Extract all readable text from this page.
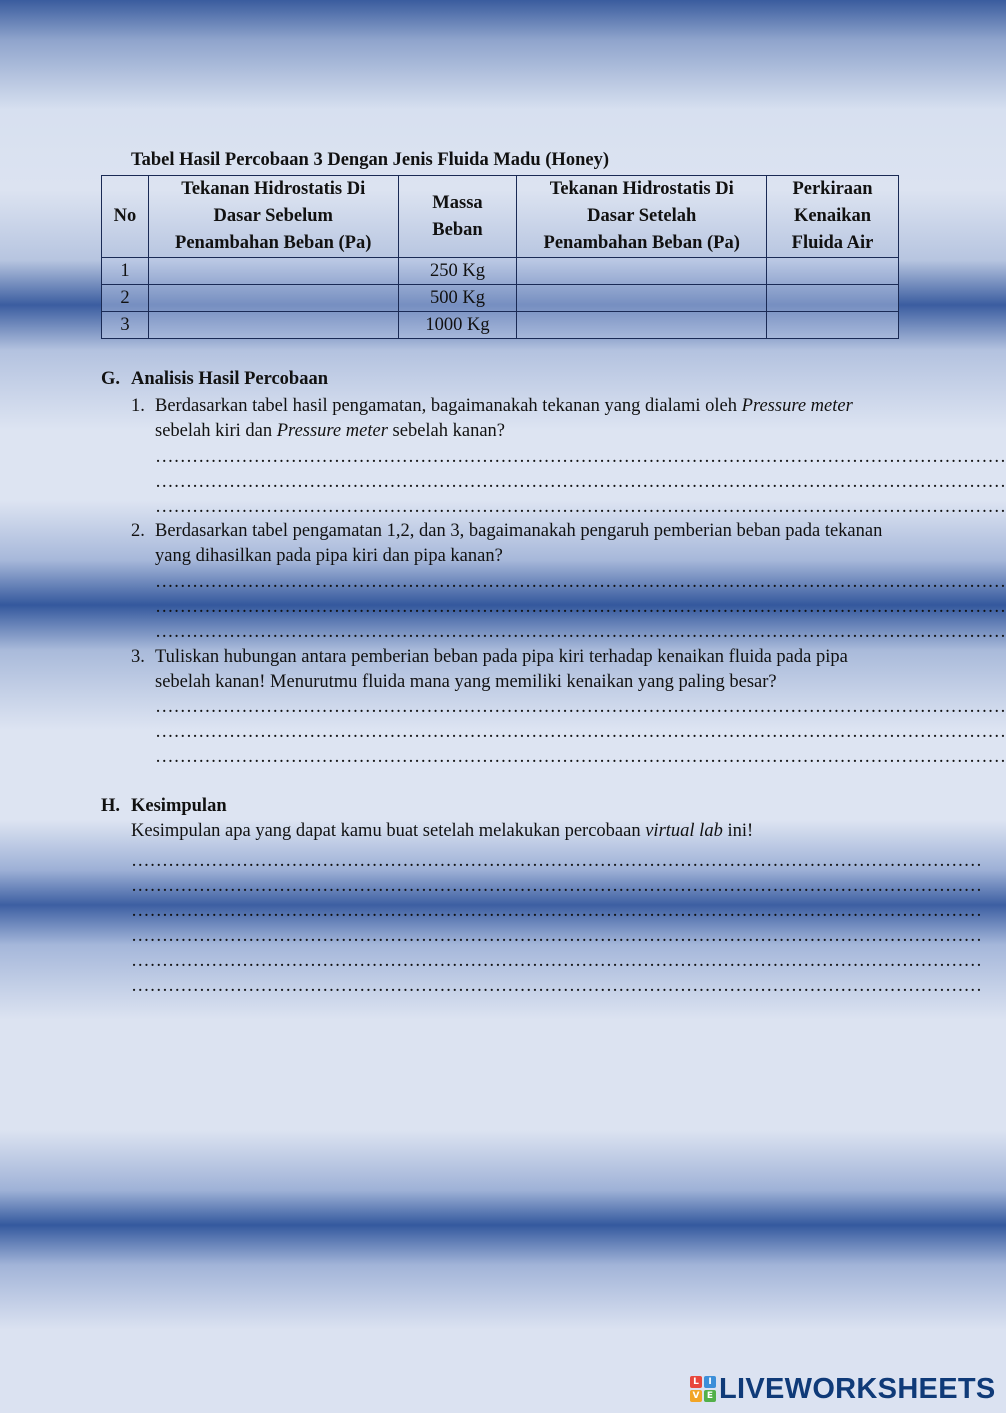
Tabel Hasil Percobaan 3 Dengan Jenis Fluida Madu (Honey)
No	Tekanan Hidrostatis Di Dasar Sebelum Penambahan Beban (Pa)	Massa Beban	Tekanan Hidrostatis Di Dasar Setelah Penambahan Beban (Pa)	Perkiraan Kenaikan Fluida Air
1		250 Kg		
2		500 Kg		
3		1000 Kg		
G. Analisis Hasil Percobaan
1. Berdasarkan tabel hasil pengamatan, bagaimanakah tekanan yang dialami oleh Pressure meter sebelah kiri dan Pressure meter sebelah kanan?
…………………………………………………………………………………………………………………………
…………………………………………………………………………………………………………………………
…………………………………………………………………………………………………………………………
2. Berdasarkan tabel pengamatan 1,2, dan 3, bagaimanakah pengaruh pemberian beban pada tekanan yang dihasilkan pada pipa kiri dan pipa kanan?
…………………………………………………………………………………………………………………………
…………………………………………………………………………………………………………………………
…………………………………………………………………………………………………………………………
3. Tuliskan hubungan antara pemberian beban pada pipa kiri terhadap kenaikan fluida pada pipa sebelah kanan! Menurutmu fluida mana yang memiliki kenaikan yang paling besar?
…………………………………………………………………………………………………………………………
…………………………………………………………………………………………………………………………
…………………………………………………………………………………………………………………………
H. Kesimpulan
Kesimpulan apa yang dapat kamu buat setelah melakukan percobaan virtual lab ini!
…………………………………………………………………………………………………………………………
…………………………………………………………………………………………………………………………
…………………………………………………………………………………………………………………………
…………………………………………………………………………………………………………………………
…………………………………………………………………………………………………………………………
…………………………………………………………………………………………………………………………
L	I
V E LIVEWORKSHEETS
